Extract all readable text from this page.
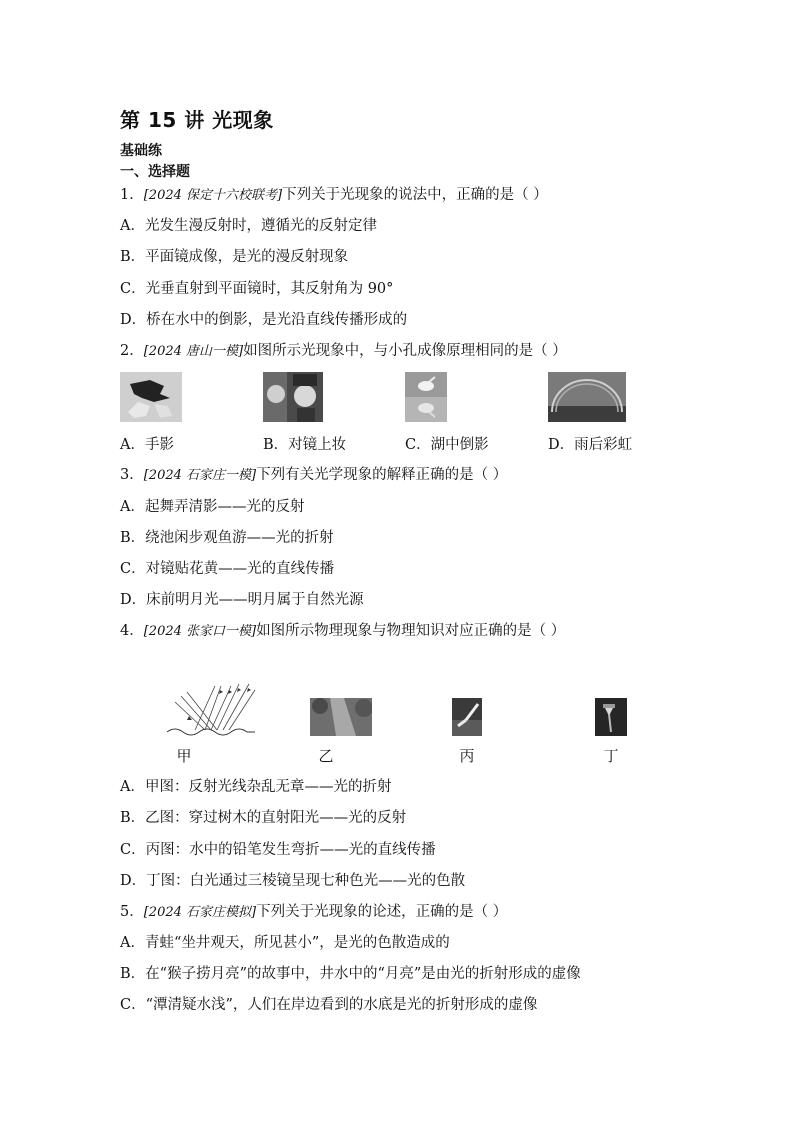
第 15 讲 光现象
基础练
一、选择题
1．[2024 保定十六校联考]下列关于光现象的说法中，正确的是（ ）
A．光发生漫反射时，遵循光的反射定律
B．平面镜成像，是光的漫反射现象
C．光垂直射到平面镜时，其反射角为 90°
D．桥在水中的倒影，是光沿直线传播形成的
2．[2024 唐山一模]如图所示光现象中，与小孔成像原理相同的是（ ）
A．手影	B．对镜上妆	C．湖中倒影	D．雨后彩虹
3．[2024 石家庄一模]下列有关光学现象的解释正确的是（ ）
A．起舞弄清影——光的反射
B．绕池闲步观鱼游——光的折射
C．对镜贴花黄——光的直线传播
D．床前明月光——明月属于自然光源
4．[2024 张家口一模]如图所示物理现象与物理知识对应正确的是（ ）
甲	乙	丙	丁
A．甲图：反射光线杂乱无章——光的折射
B．乙图：穿过树木的直射阳光——光的反射
C．丙图：水中的铅笔发生弯折——光的直线传播
D．丁图：白光通过三棱镜呈现七种色光——光的色散
5．[2024 石家庄模拟]下列关于光现象的论述，正确的是（ ）
A．青蛙“坐井观天，所见甚小”，是光的色散造成的
B．在“猴子捞月亮”的故事中，井水中的“月亮”是由光的折射形成的虚像
C．“潭清疑水浅”，人们在岸边看到的水底是光的折射形成的虚像
